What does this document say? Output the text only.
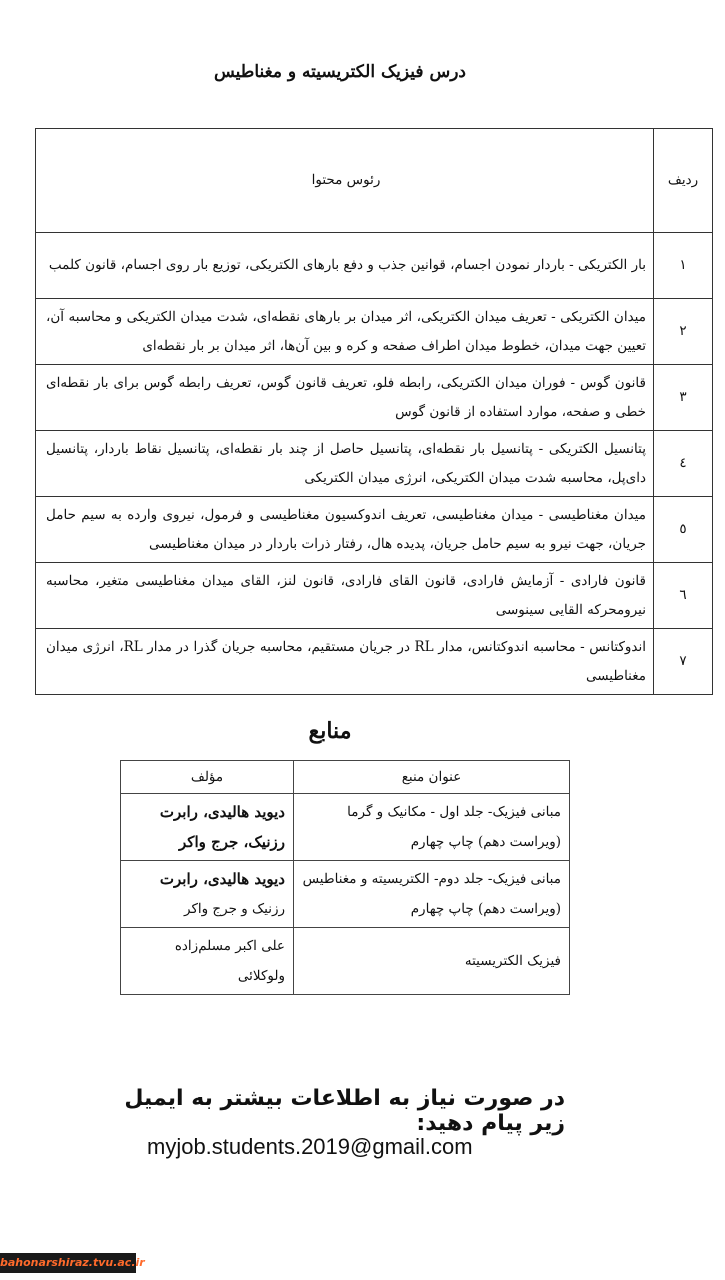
درس فیزیک الکتریسیته و مغناطیس
ردیف	رئوس محتوا
۱	بار الکتریکی - باردار نمودن اجسام، قوانین جذب و دفع بارهای الکتریکی، توزیع بار روی اجسام، قانون کلمب
۲	میدان الکتریکی - تعریف میدان الکتریکی، اثر میدان بر بارهای نقطه‌ای، شدت میدان الکتریکی و محاسبه آن، تعیین جهت میدان، خطوط میدان اطراف صفحه و کره و بین آن‌ها، اثر میدان بر بار نقطه‌ای
۳	قانون گوس - فوران میدان الکتریکی، رابطه فلو، تعریف قانون گوس، تعریف رابطه گوس برای بار نقطه‌ای خطی و صفحه، موارد استفاده از قانون گوس
٤	پتانسیل الکتریکی - پتانسیل بار نقطه‌ای، پتانسیل حاصل از چند بار نقطه‌ای، پتانسیل نقاط باردار، پتانسیل دای‌پل، محاسبه شدت میدان الکتریکی، انرژی میدان الکتریکی
٥	میدان مغناطیسی - میدان مغناطیسی، تعریف اندوکسیون مغناطیسی و فرمول، نیروی وارده به سیم حامل جریان، جهت نیرو به سیم حامل جریان، پدیده هال، رفتار ذرات باردار در میدان مغناطیسی
٦	قانون فارادی - آزمایش فارادی، قانون القای فارادی، قانون لنز، القای میدان مغناطیسی متغیر، محاسبه نیرومحرکه القایی سینوسی
۷	اندوکتانس - محاسبه اندوکتانس، مدار RL در جریان مستقیم، محاسبه جریان گذرا در مدار RL، انرژی میدان مغناطیسی
منابع
عنوان منبع	مؤلف
مبانی فیزیک- جلد اول - مکانیک و گرما (ویراست دهم) چاپ چهارم	دیوید هالیدی، رابرت
رزنیک، جرج واکر

مبانی فیزیک- جلد دوم- الکتریسیته و مغناطیس (ویراست دهم) چاپ چهارم	دیوید هالیدی، رابرت
رزنیک و جرج واکر

فیزیک الکتریسیته	علی اکبر مسلم‌زاده
ولوکلائی
در صورت نیاز به اطلاعات بیشتر به ایمیل زیر پیام دهید:
myjob.students.2019@gmail.com
bahonarshiraz.tvu.ac.ir
